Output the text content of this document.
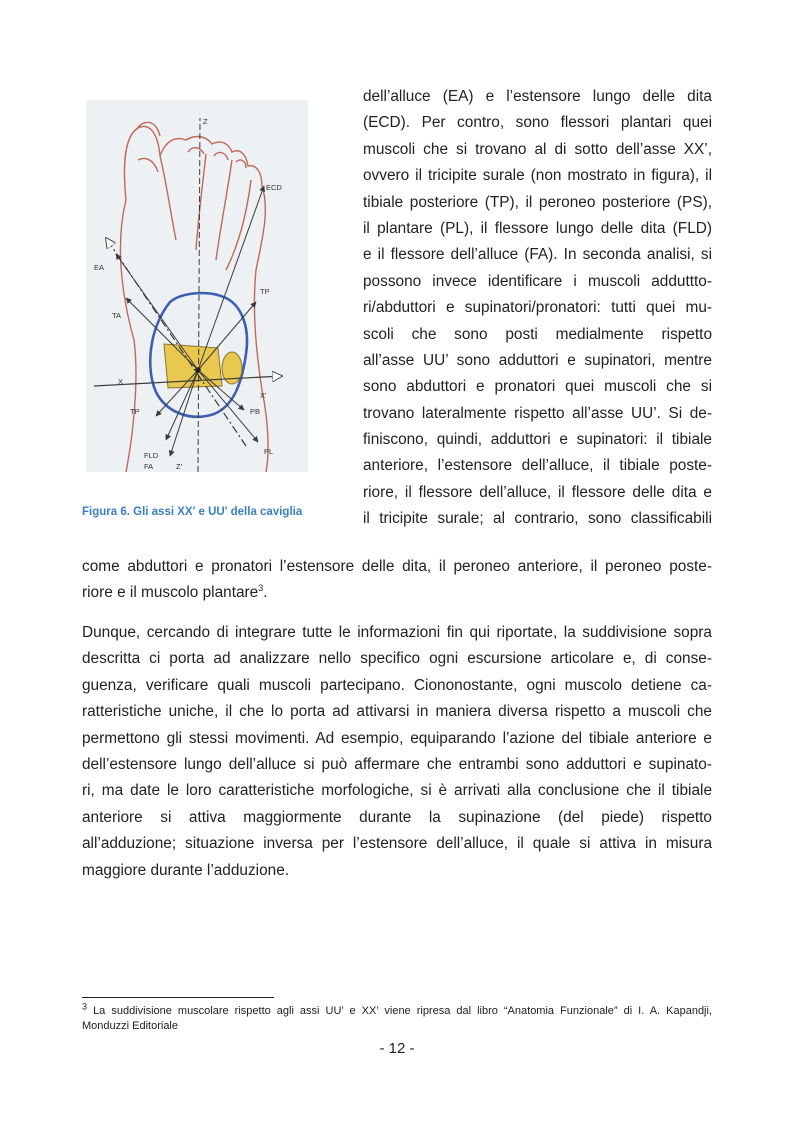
Z
ECD
EA
TP
TA
X
X'
TP	PB
PL
FLD
FA	Z'
Figura 6. Gli assi XX' e UU' della caviglia
dell’alluce (EA) e l’estensore lungo delle dita
(ECD). Per contro, sono flessori plantari quei
muscoli che si trovano al di sotto dell’asse XX’,
ovvero il tricipite surale (non mostrato in figura), il
tibiale posteriore (TP), il peroneo posteriore (PS),
il plantare (PL), il flessore lungo delle dita (FLD)
e il flessore dell’alluce (FA). In seconda analisi, si
possono invece identificare i muscoli adduttto-
ri/abduttori e supinatori/pronatori: tutti quei mu-
scoli che sono posti medialmente rispetto
all’asse UU’ sono adduttori e supinatori, mentre
sono abduttori e pronatori quei muscoli che si
trovano lateralmente rispetto all’asse UU’. Si de-
finiscono, quindi, adduttori e supinatori: il tibiale
anteriore, l’estensore dell’alluce, il tibiale poste-
riore, il flessore dell’alluce, il flessore delle dita e
il tricipite surale; al contrario, sono classificabili
come abduttori e pronatori l’estensore delle dita, il peroneo anteriore, il peroneo poste-
riore e il muscolo plantare$^3$.
Dunque, cercando di integrare tutte le informazioni fin qui riportate, la suddivisione sopra
descritta ci porta ad analizzare nello specifico ogni escursione articolare e, di conse-
guenza, verificare quali muscoli partecipano. Ciononostante, ogni muscolo detiene ca-
ratteristiche uniche, il che lo porta ad attivarsi in maniera diversa rispetto a muscoli che
permettono gli stessi movimenti. Ad esempio, equiparando l’azione del tibiale anteriore e
dell’estensore lungo dell’alluce si può affermare che entrambi sono adduttori e supinato-
ri, ma date le loro caratteristiche morfologiche, si è arrivati alla conclusione che il tibiale
anteriore si attiva maggiormente durante la supinazione (del piede) rispetto
all’adduzione; situazione inversa per l’estensore dell’alluce, il quale si attiva in misura
maggiore durante l’adduzione.
$^3$ La suddivisione muscolare rispetto agli assi UU’ e XX’ viene ripresa dal libro “Anatomia Funzionale” di I. A. Kapandji,
Monduzzi Editoriale
- 12 -
